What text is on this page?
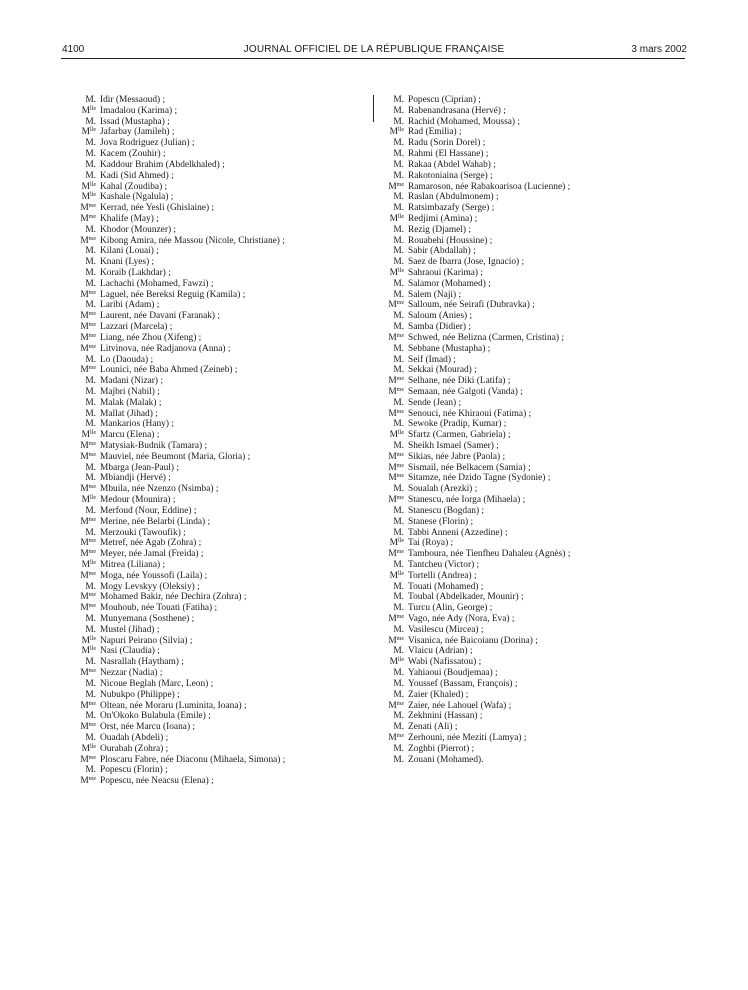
4100	JOURNAL OFFICIEL DE LA RÉPUBLIQUE FRANÇAISE	3 mars 2002
M. Idir (Messaoud) ;
$M^{lle}$ Imadalou (Karima) ;
M. Issad (Mustapha) ;
$M^{lle}$ Jafarbay (Jamileh) ;
M. Jova Rodriguez (Julian) ;
M. Kacem (Zouhir) ;
M. Kaddour Brahim (Abdelkhaled) ;
M. Kadi (Sid Ahmed) ;
$M^{lle}$ Kahal (Zoudiba) ;
$M^{lle}$ Kashale (Ngalula) ;
$M^{me}$ Kerrad, née Yesli (Ghislaine) ;
$M^{me}$ Khalife (May) ;
M. Khodor (Mounzer) ;
$M^{me}$ Kibong Amira, née Massou (Nicole, Christiane) ;
M. Kilani (Louai) ;
M. Knani (Lyes) ;
M. Koraib (Lakhdar) ;
M. Lachachi (Mohamed, Fawzi) ;
$M^{me}$ Laguel, née Bereksi Reguig (Kamila) ;
M. Laribi (Adam) ;
$M^{me}$ Laurent, née Davani (Faranak) ;
$M^{me}$ Lazzari (Marcela) ;
$M^{me}$ Liang, née Zhou (Xifeng) ;
$M^{me}$ Litvinova, née Radjanova (Anna) ;
M. Lo (Daouda) ;
$M^{me}$ Lounici, née Baba Ahmed (Zeineb) ;
M. Madani (Nizar) ;
M. Majbri (Nabil) ;
M. Malak (Malak) ;
M. Mallat (Jihad) ;
M. Mankarios (Hany) ;
$M^{lle}$ Marcu (Elena) ;
$M^{me}$ Matysiak-Budnik (Tamara) ;
$M^{me}$ Mauviel, née Beumont (Maria, Gloria) ;
M. Mbarga (Jean-Paul) ;
M. Mbiandji (Hervé) ;
$M^{me}$ Mbuila, née Nzenzo (Nsimba) ;
$M^{lle}$ Medour (Mounira) ;
M. Merfoud (Nour, Eddine) ;
$M^{me}$ Merine, née Belarbi (Linda) ;
M. Merzouki (Tawoufik) ;
$M^{me}$ Metref, née Agab (Zohra) ;
$M^{me}$ Meyer, née Jamal (Freida) ;
$M^{lle}$ Mitrea (Liliana) ;
$M^{me}$ Moga, née Youssofi (Laila) ;
M. Mogy Levskyy (Oleksiy) ;
$M^{me}$ Mohamed Bakir, née Dechira (Zohra) ;
$M^{me}$ Mouhoub, née Touati (Fatiha) ;
M. Munyemana (Sosthene) ;
M. Mustel (Jihad) ;
$M^{lle}$ Napuri Peirano (Silvia) ;
$M^{lle}$ Nasi (Claudia) ;
M. Nasrallah (Haytham) ;
$M^{me}$ Nezzar (Nadia) ;
M. Nicoue Beglah (Marc, Leon) ;
M. Nubukpo (Philippe) ;
$M^{me}$ Oltean, née Moraru (Luminita, Ioana) ;
M. On'Okoko Bulabula (Emile) ;
$M^{me}$ Orst, née Marcu (Ioana) ;
M. Ouadah (Abdeli) ;
$M^{lle}$ Ourabah (Zohra) ;
$M^{me}$ Ploscaru Fabre, née Diaconu (Mihaela, Simona) ;
M. Popescu (Florin) ;
$M^{me}$ Popescu, née Neacsu (Elena) ;
M. Popescu (Ciprian) ;
M. Rabenandrasana (Hervé) ;
M. Rachid (Mohamed, Moussa) ;
$M^{lle}$ Rad (Emilia) ;
M. Radu (Sorin Dorel) ;
M. Rahmi (El Hassane) ;
M. Rakaa (Abdel Wahab) ;
M. Rakotoniaina (Serge) ;
$M^{me}$ Ramaroson, née Rabakoarisoa (Lucienne) ;
M. Raslan (Abdulmonem) ;
M. Ratsimbazafy (Serge) ;
$M^{lle}$ Redjimi (Amina) ;
M. Rezig (Djamel) ;
M. Rouabehi (Houssine) ;
M. Sabir (Abdallah) ;
M. Saez de Ibarra (Jose, Ignacio) ;
$M^{lle}$ Sahraoui (Karima) ;
M. Salamor (Mohamed) ;
M. Salem (Naji) ;
$M^{me}$ Salloum, née Seirafi (Dubravka) ;
M. Saloum (Anies) ;
M. Samba (Didier) ;
$M^{me}$ Schwed, née Belizna (Carmen, Cristina) ;
M. Sebbane (Mustapha) ;
M. Seif (Imad) ;
M. Sekkai (Mourad) ;
$M^{me}$ Selhane, née Diki (Latifa) ;
$M^{me}$ Semaan, née Galgoti (Vanda) ;
M. Sende (Jean) ;
$M^{me}$ Senouci, née Khiraoui (Fatima) ;
M. Sewoke (Pradip, Kumar) ;
$M^{lle}$ Sfartz (Carmen, Gabriela) ;
M. Sheikh Ismael (Samer) ;
$M^{me}$ Sikias, née Jabre (Paola) ;
$M^{me}$ Sismail, née Belkacem (Samia) ;
$M^{me}$ Sitamze, née Dzido Tagne (Sydonie) ;
M. Soualah (Arezki) ;
$M^{me}$ Stanescu, née Iorga (Mihaela) ;
M. Stanescu (Bogdan) ;
M. Stanese (Florin) ;
M. Tabbi Anneni (Azzedine) ;
$M^{lle}$ Tai (Roya) ;
$M^{me}$ Tamboura, née Tienfheu Dahaleu (Agnès) ;
M. Tantcheu (Victor) ;
$M^{lle}$ Tortelli (Andrea) ;
M. Touati (Mohamed) ;
M. Toubal (Abdelkader, Mounir) ;
M. Turcu (Alin, George) ;
$M^{me}$ Vago, née Ady (Nora, Eva) ;
M. Vasilescu (Mircea) ;
$M^{me}$ Visanica, née Baicoianu (Dorina) ;
M. Vlaicu (Adrian) ;
$M^{lle}$ Wabi (Nafissatou) ;
M. Yahiaoui (Boudjemaa) ;
M. Youssef (Bassam, François) ;
M. Zaier (Khaled) ;
$M^{me}$ Zaier, née Lahouel (Wafa) ;
M. Zekhnini (Hassan) ;
M. Zenati (Ali) ;
$M^{me}$ Zerhouni, née Meziti (Lamya) ;
M. Zoghbi (Pierrot) ;
M. Zouani (Mohamed).
